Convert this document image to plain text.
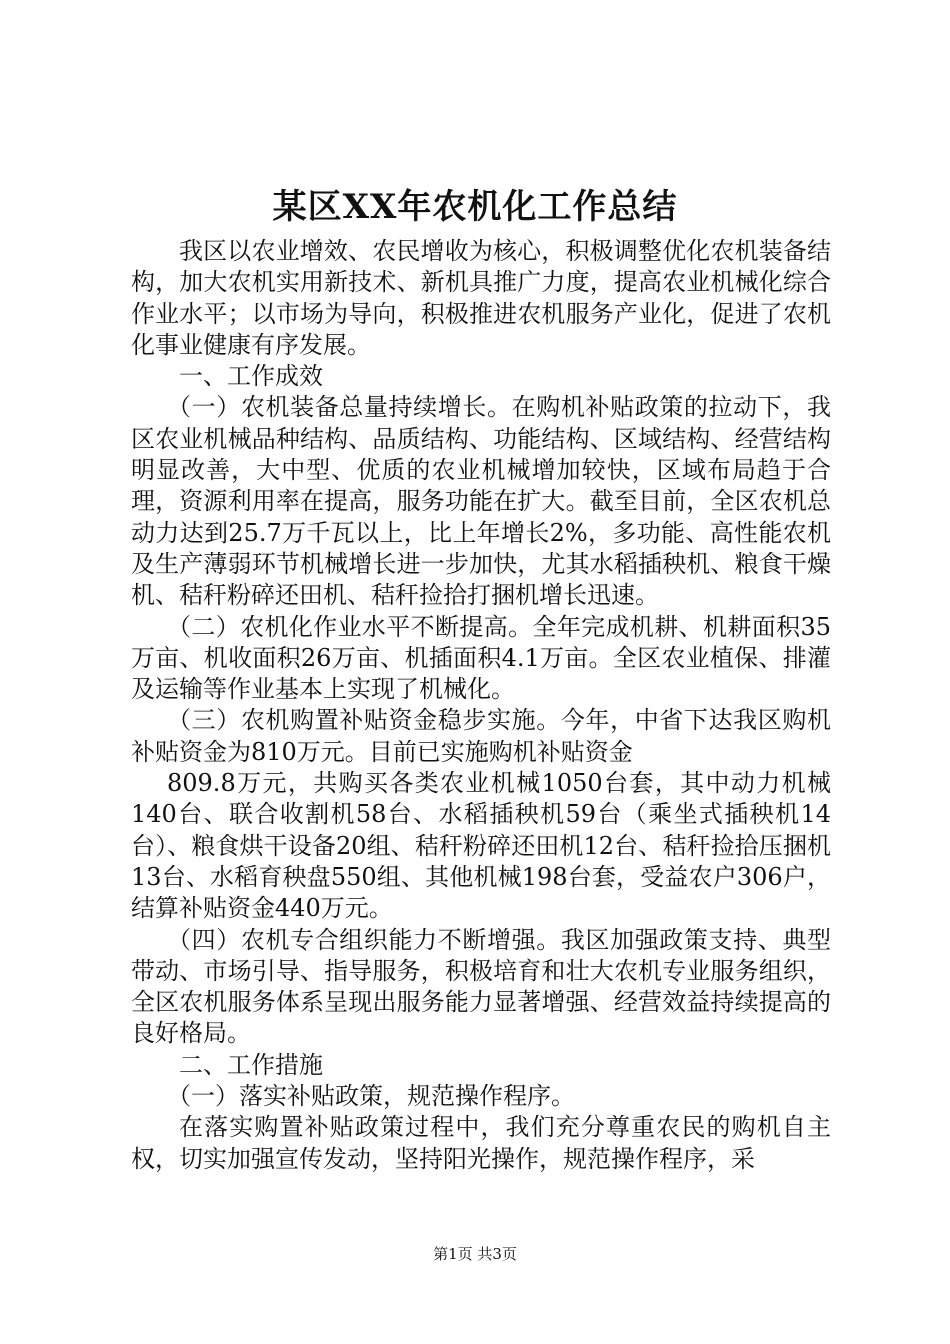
某区XX年农机化工作总结

我区以农业增效、农民增收为核心，积极调整优化农机装备结构，加大农机实用新技术、新机具推广力度，提高农业机械化综合作业水平；以市场为导向，积极推进农机服务产业化，促进了农机化事业健康有序发展。

一、工作成效

（一）农机装备总量持续增长。在购机补贴政策的拉动下，我区农业机械品种结构、品质结构、功能结构、区域结构、经营结构明显改善，大中型、优质的农业机械增加较快，区域布局趋于合理，资源利用率在提高，服务功能在扩大。截至目前，全区农机总动力达到25.7万千瓦以上，比上年增长2%，多功能、高性能农机及生产薄弱环节机械增长进一步加快，尤其水稻插秧机、粮食干燥机、秸秆粉碎还田机、秸秆捡拾打捆机增长迅速。

（二）农机化作业水平不断提高。全年完成机耕、机耕面积35万亩、机收面积26万亩、机插面积4.1万亩。全区农业植保、排灌及运输等作业基本上实现了机械化。

（三）农机购置补贴资金稳步实施。今年，中省下达我区购机补贴资金为810万元。目前已实施购机补贴资金

809.8万元，共购买各类农业机械1050台套，其中动力机械140台、联合收割机58台、水稻插秧机59台（乘坐式插秧机14台）、粮食烘干设备20组、秸秆粉碎还田机12台、秸秆捡拾压捆机13台、水稻育秧盘550组、其他机械198台套，受益农户306户，结算补贴资金440万元。

（四）农机专合组织能力不断增强。我区加强政策支持、典型带动、市场引导、指导服务，积极培育和壮大农机专业服务组织，全区农机服务体系呈现出服务能力显著增强、经营效益持续提高的良好格局。

二、工作措施

（一）落实补贴政策，规范操作程序。

在落实购置补贴政策过程中，我们充分尊重农民的购机自主权，切实加强宣传发动，坚持阳光操作，规范操作程序，采

第1页 共3页
